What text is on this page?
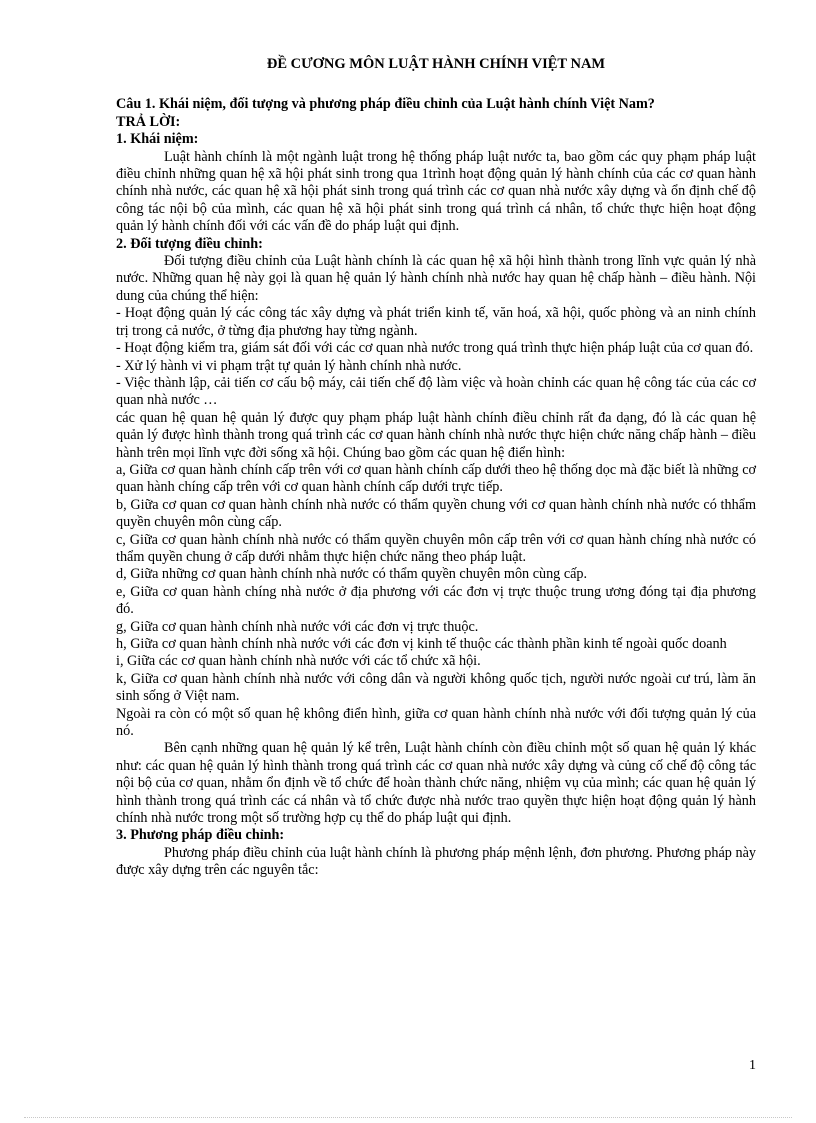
ĐỀ CƯƠNG MÔN LUẬT HÀNH CHÍNH VIỆT NAM

Câu 1. Khái niệm, đối tượng và phương pháp điều chỉnh của Luật hành chính Việt Nam?

TRẢ LỜI:

1. Khái niệm:

Luật hành chính là một ngành luật trong hệ thống pháp luật nước ta, bao gồm các quy phạm pháp luật điều chỉnh những quan hệ xã hội phát sinh trong qua 1trình hoạt động quản lý hành chính của các cơ quan hành chính nhà nước, các quan hệ xã hội phát sinh trong quá trình các cơ quan nhà nước xây dựng và ổn định chế độ công tác nội bộ của mình, các quan hệ xã hội phát sinh trong quá trình cá nhân, tổ chức thực hiện hoạt động quản lý hành chính đối với các vấn đề do pháp luật qui định.

2. Đối tượng điều chỉnh:

Đối tượng điều chỉnh của Luật hành chính là các quan hệ xã hội hình thành trong lĩnh vực quản lý nhà nước. Những quan hệ này gọi là quan hệ quản lý hành chính nhà nước hay quan hệ chấp hành – điều hành. Nội dung của chúng thể hiện:

- Hoạt động quản lý các công tác xây dựng và phát triển kinh tế, văn hoá, xã hội, quốc phòng và an ninh chính trị trong cả nước, ở từng địa phương hay từng ngành.

- Hoạt động kiểm tra, giám sát đối với các cơ quan nhà nước trong quá trình thực hiện pháp luật của cơ quan đó.

- Xử lý hành vi vi phạm trật tự quản lý hành chính nhà nước.

- Việc thành lập, cải tiến cơ cấu bộ máy, cải tiến chế độ làm việc và hoàn chỉnh các quan hệ công tác của các cơ quan nhà nước …

các quan hệ quan hệ quản lý được quy phạm pháp luật hành chính điều chỉnh rất đa dạng, đó là các quan hệ quản lý được hình thành trong quá trình các cơ quan hành chính nhà nước thực hiện chức năng chấp hành – điều hành trên mọi lĩnh vực đời sống xã hội. Chúng bao gồm các quan hệ điển hình:

a, Giữa cơ quan hành chính cấp trên với cơ quan hành chính cấp dưới theo hệ thống dọc mà đặc biết là những cơ quan hành chíng cấp trên với cơ quan hành chính cấp dưới trực tiếp.

b, Giữa cơ quan cơ quan hành chính nhà nước có thẩm quyền chung với cơ quan hành chính nhà nước có thhẩm quyền chuyên môn cùng cấp.

c, Giữa cơ quan hành chính nhà nước có thẩm quyền chuyên môn cấp trên với cơ quan hành chíng nhà nước có thẩm quyền chung ở cấp dưới nhằm thực hiện chức năng theo pháp luật.

d, Giữa những cơ quan hành chính nhà nước có thẩm quyền chuyên môn cùng cấp.

e, Giữa cơ quan hành chíng nhà nước ở địa phương với các đơn vị trực thuộc trung ương đóng tại địa phương đó.

g, Giữa cơ quan hành chính nhà nước với các đơn vị trực thuộc.

h, Giữa cơ quan hành chính nhà nước với các đơn vị kinh tế thuộc các thành phần kinh tế ngoài quốc doanh

i, Giữa các cơ quan hành chính nhà nước với các tổ chức xã hội.

k, Giữa cơ quan hành chính nhà nước với công dân và người không quốc tịch, người nước ngoài cư trú, làm ăn sinh sống ở Việt nam.

Ngoài ra còn có một số quan hệ không điển hình, giữa cơ quan hành chính nhà nước với đối tượng quản lý của nó.

Bên cạnh những quan hệ quản lý kể trên, Luật hành chính còn điều chỉnh một số quan hệ quản lý khác như: các quan hệ quản lý hình thành trong quá trình các cơ quan nhà nước xây dựng và củng cố chế độ công tác nội bộ của cơ quan, nhằm ổn định về tổ chức để hoàn thành chức năng, nhiệm vụ của mình; các quan hệ quản lý hình thành trong quá trình các cá nhân và tổ chức được nhà nước trao quyền thực hiện hoạt động quản lý hành chính nhà nước trong một số trường hợp cụ thể do pháp luật qui định.

3. Phương pháp điều chỉnh:

Phương pháp điều chỉnh của luật hành chính là phương pháp mệnh lệnh, đơn phương. Phương pháp này được xây dựng trên các nguyên tắc:

1
